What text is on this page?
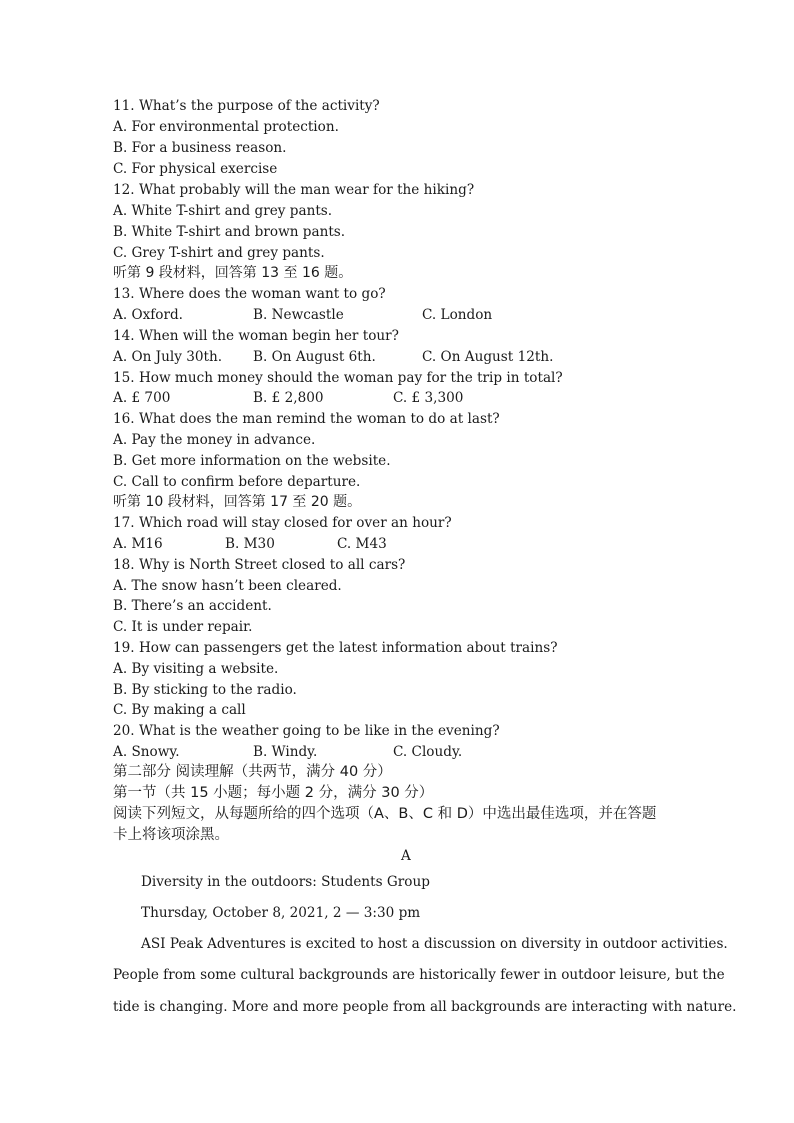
11. What’s the purpose of the activity?
A. For environmental protection.
B. For a business reason.
C. For physical exercise
12. What probably will the man wear for the hiking?
A. White T-shirt and grey pants.
B. White T-shirt and brown pants.
C. Grey T-shirt and grey pants.
听第 9 段材料，回答第 13 至 16 题。
13. Where does the woman want to go?
A. Oxford.	B. Newcastle	C. London
14. When will the woman begin her tour?
A. On July 30th. B. On August 6th.	C. On August 12th.
15. How much money should the woman pay for the trip in total?
A. £ 700	B. £ 2,800	C. £ 3,300
16. What does the man remind the woman to do at last?
A. Pay the money in advance.
B. Get more information on the website.
C. Call to confirm before departure.
听第 10 段材料，回答第 17 至 20 题。
17. Which road will stay closed for over an hour?
A. M16	B. M30	C. M43
18. Why is North Street closed to all cars?
A. The snow hasn’t been cleared.
B. There’s an accident.
C. It is under repair.
19. How can passengers get the latest information about trains?
A. By visiting a website.
B. By sticking to the radio.
C. By making a call
20. What is the weather going to be like in the evening?
A. Snowy.	B. Windy.	C. Cloudy.
第二部分 阅读理解（共两节，满分 40 分）
第一节（共 15 小题；每小题 2 分，满分 30 分）
阅读下列短文，从每题所给的四个选项（A、B、C 和 D）中选出最佳选项，并在答题
卡上将该项涂黑。
A
Diversity in the outdoors: Students Group
Thursday, October 8, 2021, 2 — 3:30 pm
ASI Peak Adventures is excited to host a discussion on diversity in outdoor activities.
People from some cultural backgrounds are historically fewer in outdoor leisure, but the
tide is changing. More and more people from all backgrounds are interacting with nature.
